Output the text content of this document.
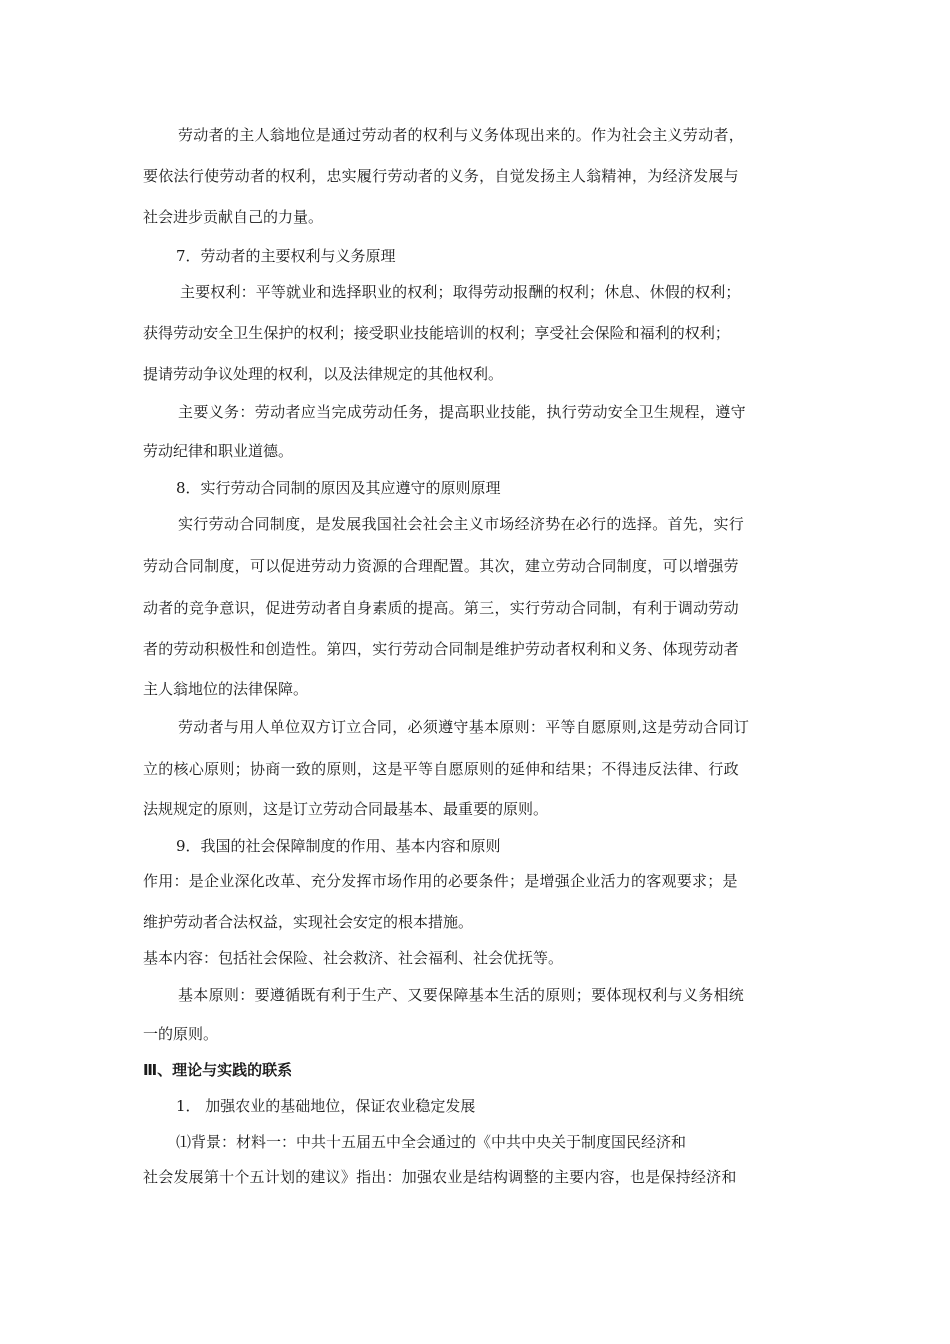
劳动者的主人翁地位是通过劳动者的权利与义务体现出来的。作为社会主义劳动者，
要依法行使劳动者的权利，忠实履行劳动者的义务，自觉发扬主人翁精神，为经济发展与
社会进步贡献自己的力量。
7．劳动者的主要权利与义务原理
主要权利：平等就业和选择职业的权利；取得劳动报酬的权利；休息、休假的权利；
获得劳动安全卫生保护的权利；接受职业技能培训的权利；享受社会保险和福利的权利；
提请劳动争议处理的权利，以及法律规定的其他权利。
主要义务：劳动者应当完成劳动任务，提高职业技能，执行劳动安全卫生规程，遵守
劳动纪律和职业道德。
8．实行劳动合同制的原因及其应遵守的原则原理
实行劳动合同制度，是发展我国社会社会主义市场经济势在必行的选择。首先，实行
劳动合同制度，可以促进劳动力资源的合理配置。其次，建立劳动合同制度，可以增强劳
动者的竞争意识，促进劳动者自身素质的提高。第三，实行劳动合同制，有利于调动劳动
者的劳动积极性和创造性。第四，实行劳动合同制是维护劳动者权利和义务、体现劳动者
主人翁地位的法律保障。
劳动者与用人单位双方订立合同，必须遵守基本原则：平等自愿原则,这是劳动合同订
立的核心原则；协商一致的原则，这是平等自愿原则的延伸和结果；不得违反法律、行政
法规规定的原则，这是订立劳动合同最基本、最重要的原则。
9．我国的社会保障制度的作用、基本内容和原则
作用：是企业深化改革、充分发挥市场作用的必要条件；是增强企业活力的客观要求；是
维护劳动者合法权益，实现社会安定的根本措施。
基本内容：包括社会保险、社会救济、社会福利、社会优抚等。
基本原则：要遵循既有利于生产、又要保障基本生活的原则；要体现权利与义务相统
一的原则。
Ⅲ、理论与实践的联系
1． 加强农业的基础地位，保证农业稳定发展
⑴背景：材料一：中共十五届五中全会通过的《中共中央关于制度国民经济和
社会发展第十个五计划的建议》指出：加强农业是结构调整的主要内容，也是保持经济和
